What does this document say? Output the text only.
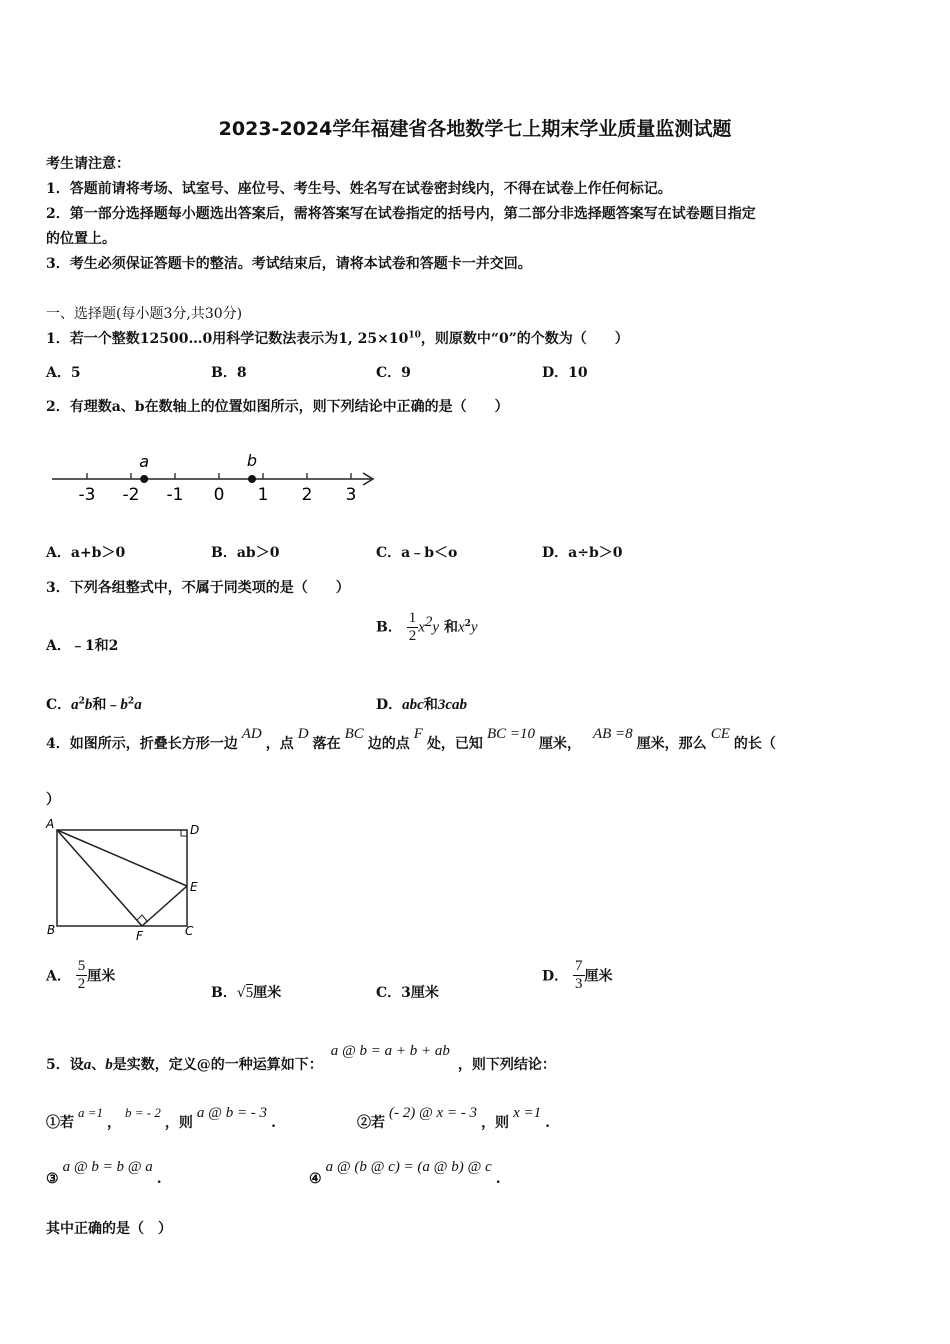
2023-2024学年福建省各地数学七上期末学业质量监测试题
考生请注意：
1．答题前请将考场、试室号、座位号、考生号、姓名写在试卷密封线内，不得在试卷上作任何标记。
2．第一部分选择题每小题选出答案后，需将答案写在试卷指定的括号内，第二部分非选择题答案写在试卷题目指定
的位置上。
3．考生必须保证答题卡的整洁。考试结束后，请将本试卷和答题卡一并交回。
一、选择题(每小题3分,共30分)
1．若一个整数12500…0用科学记数法表示为1, $25\times 10^{10}$，则原数中“0”的个数为（　　）
A．5	B．8	C．9	D．10
2．有理数a、b在数轴上的位置如图所示，则下列结论中正确的是（　　）
-3 -2 -1 0 1 2 3
a	b
A．a+b＞0	B．ab＞0	C．a﹣b＜o	D．a÷b＞0
3．下列各组整式中，不属于同类项的是（　　）
A．﹣1和2
B． $\frac{1}{2} x^2y$ 和$x^2y$
C．$a^2b$和$﹣b^2a$	D．abc和3cab
4．如图所示，折叠长方形一边AD，点D落在BC边的点F处，已知BC =10厘米，AB =8厘米，那么CE的长（
）
A	D
E
B	F	C
A． $\frac{5}{2}$ 厘米
B．√5厘米	C．3厘米
D． $\frac{7}{3}$ 厘米
5．设a、b是实数，定义@的一种运算如下：a @ b = a + b + ab，则下列结论：
①若a =1，b = - 2，则a @ b = - 3.	②若(- 2) @ x = - 3，则x =1.
③a @ b = b @ a.	④a @ (b @ c) = (a @ b) @ c.
其中正确的是（　）
